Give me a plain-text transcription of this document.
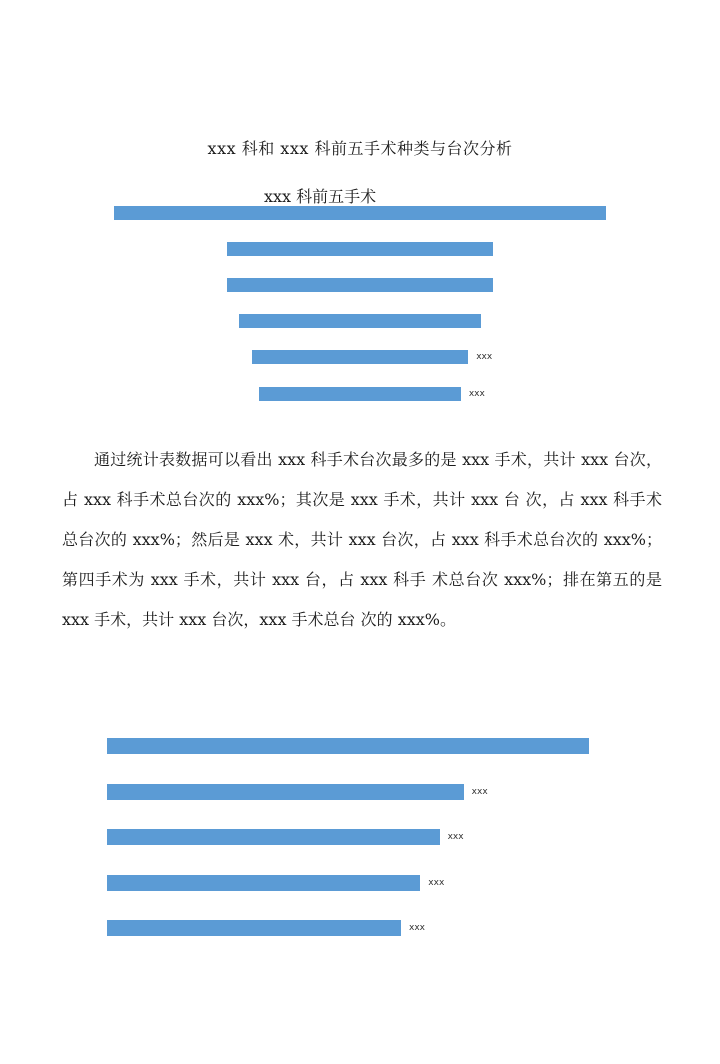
xxx 科和 xxx 科前五手术种类与台次分析
xxx 科前五手术
xxx
xxx

通过统计表数据可以看出 xxx 科手术台次最多的是 xxx 手术，共计 xxx 台次，占 xxx 科手术总台次的 xxx%；其次是 xxx 手术，共计 xxx 台 次，占 xxx 科手术总台次的 xxx%；然后是 xxx 术，共计 xxx 台次，占 xxx 科手术总台次的 xxx%；第四手术为 xxx 手术，共计 xxx 台，占 xxx 科手 术总台次 xxx%；排在第五的是 xxx 手术，共计 xxx 台次，xxx 手术总台 次的 xxx%。

xxx
xxx
xxx
xxx
